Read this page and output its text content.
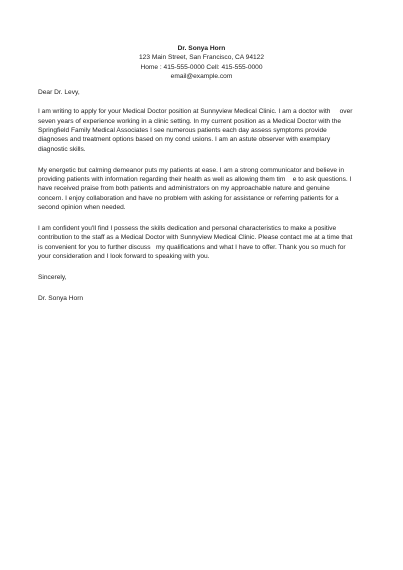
Dr. Sonya Horn
123 Main Street, San Francisco, CA 94122
Home : 415-555-0000 Cell: 415-555-0000
email@example.com
Dear Dr. Levy,
I am writing to apply for your Medical Doctor position at Sunnyview Medical Clinic. I am a doctor with     over
seven years of experience working in a clinic setting. In my current position as a Medical Doctor with the
Springfield Family Medical Associates I see numerous patients each day assess symptoms provide
diagnoses and treatment options based on my concl usions. I am an astute observer with exemplary
diagnostic skills.
My energetic but calming demeanor puts my patients at ease. I am a strong communicator and believe in
providing patients with information regarding their health as well as allowing them tim    e to ask questions. I
have received praise from both patients and administrators on my approachable nature and genuine
concern. I enjoy collaboration and have no problem with asking for assistance or referring patients for a
second opinion when needed.
I am confident you'll find I possess the skills dedication and personal characteristics to make a positive
contribution to the staff as a Medical Doctor with Sunnyview Medical Clinic. Please contact me at a time that
is convenient for you to further discuss   my qualifications and what I have to offer. Thank you so much for
your consideration and I look forward to speaking with you.
Sincerely,
Dr. Sonya Horn
